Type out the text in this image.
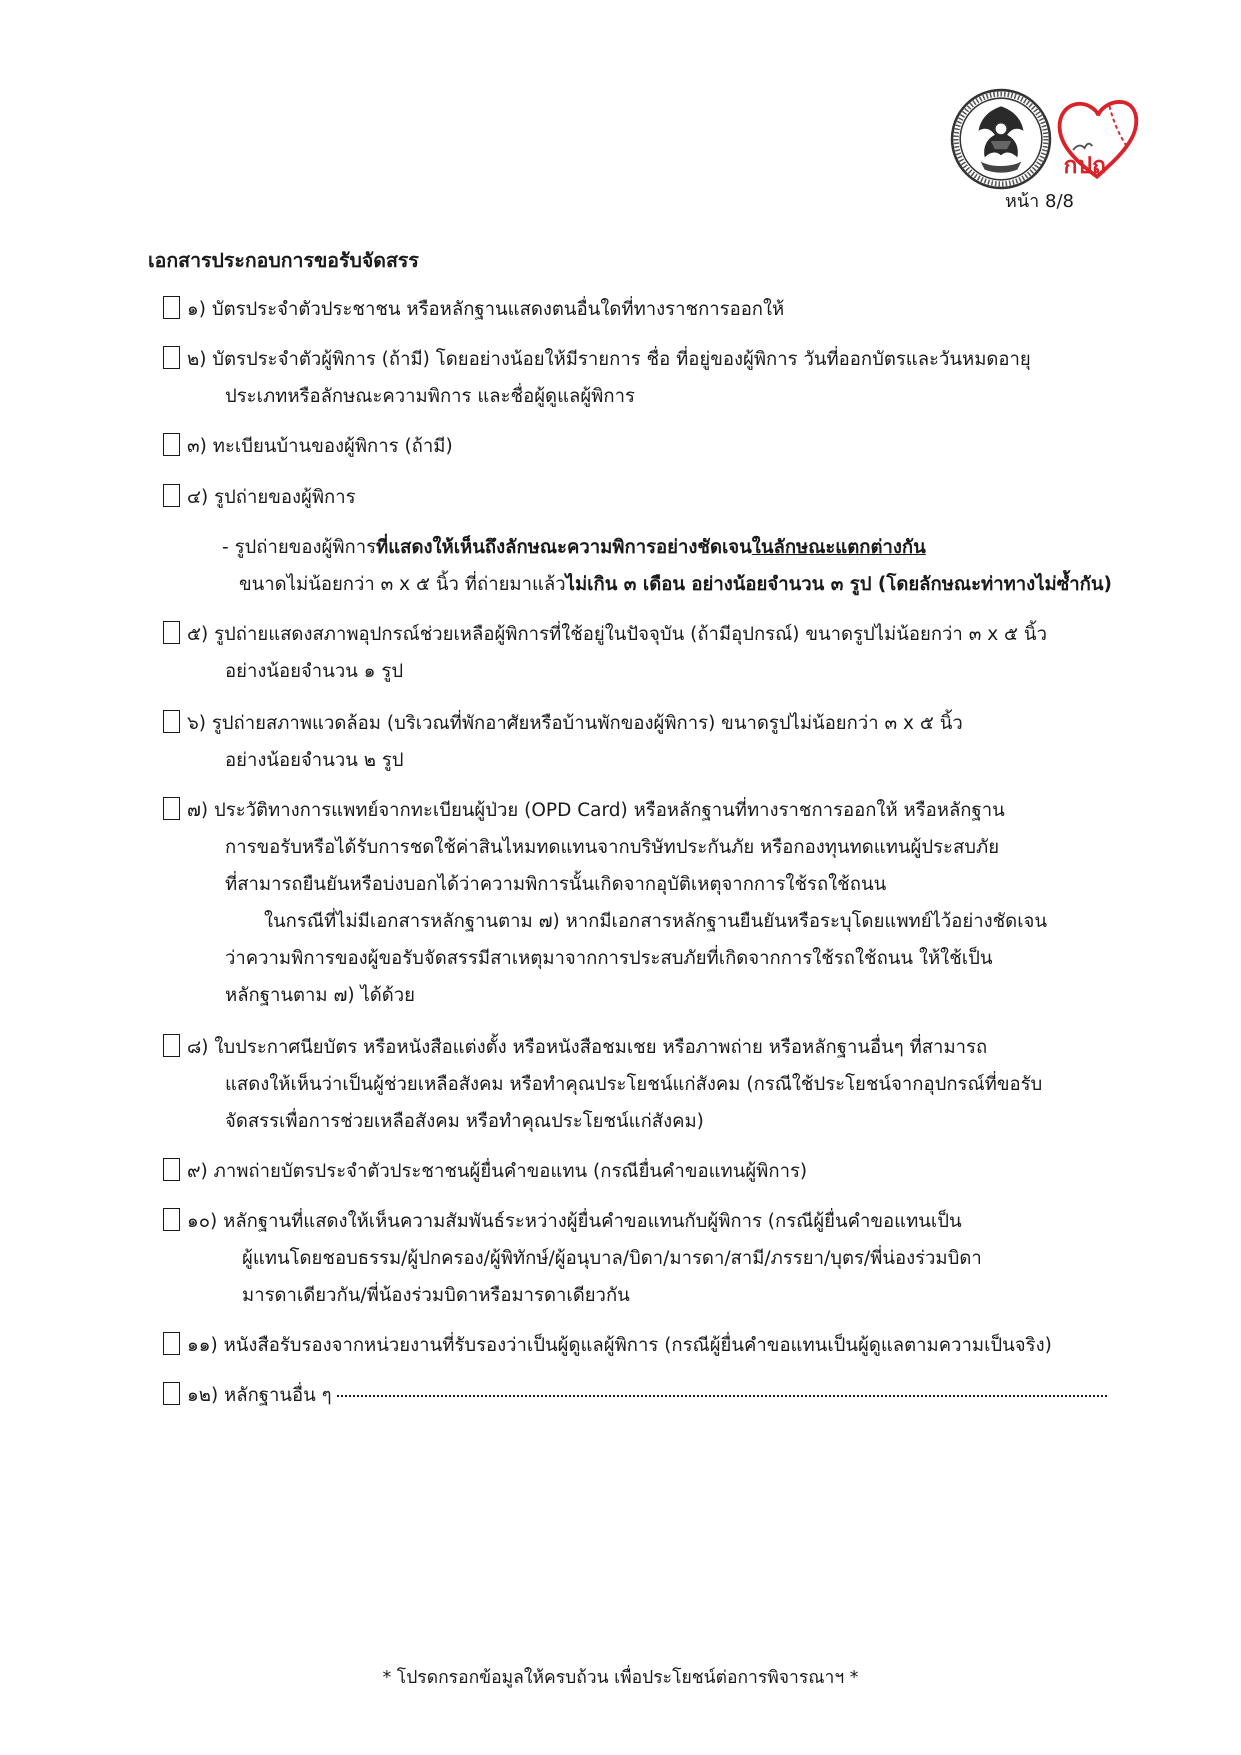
กปถ
หน้า 8/8
เอกสารประกอบการขอรับจัดสรร
๑) บัตรประจำตัวประชาชน หรือหลักฐานแสดงตนอื่นใดที่ทางราชการออกให้
๒) บัตรประจำตัวผู้พิการ (ถ้ามี) โดยอย่างน้อยให้มีรายการ ชื่อ ที่อยู่ของผู้พิการ วันที่ออกบัตรและวันหมดอายุ
ประเภทหรือลักษณะความพิการ และชื่อผู้ดูแลผู้พิการ
๓) ทะเบียนบ้านของผู้พิการ (ถ้ามี)
๔) รูปถ่ายของผู้พิการ
- รูปถ่ายของผู้พิการที่แสดงให้เห็นถึงลักษณะความพิการอย่างชัดเจนในลักษณะแตกต่างกัน
ขนาดไม่น้อยกว่า ๓ x ๕ นิ้ว ที่ถ่ายมาแล้วไม่เกิน ๓ เดือน อย่างน้อยจำนวน ๓ รูป (โดยลักษณะท่าทางไม่ซ้ำกัน)
๕) รูปถ่ายแสดงสภาพอุปกรณ์ช่วยเหลือผู้พิการที่ใช้อยู่ในปัจจุบัน (ถ้ามีอุปกรณ์) ขนาดรูปไม่น้อยกว่า ๓ x ๕ นิ้ว
อย่างน้อยจำนวน ๑ รูป
๖) รูปถ่ายสภาพแวดล้อม (บริเวณที่พักอาศัยหรือบ้านพักของผู้พิการ) ขนาดรูปไม่น้อยกว่า ๓ x ๕ นิ้ว
อย่างน้อยจำนวน ๒ รูป
๗) ประวัติทางการแพทย์จากทะเบียนผู้ป่วย (OPD Card) หรือหลักฐานที่ทางราชการออกให้ หรือหลักฐาน
การขอรับหรือได้รับการชดใช้ค่าสินไหมทดแทนจากบริษัทประกันภัย หรือกองทุนทดแทนผู้ประสบภัย
ที่สามารถยืนยันหรือบ่งบอกได้ว่าความพิการนั้นเกิดจากอุบัติเหตุจากการใช้รถใช้ถนน
ในกรณีที่ไม่มีเอกสารหลักฐานตาม ๗) หากมีเอกสารหลักฐานยืนยันหรือระบุโดยแพทย์ไว้อย่างชัดเจน
ว่าความพิการของผู้ขอรับจัดสรรมีสาเหตุมาจากการประสบภัยที่เกิดจากการใช้รถใช้ถนน ให้ใช้เป็น
หลักฐานตาม ๗) ได้ด้วย
๘) ใบประกาศนียบัตร หรือหนังสือแต่งตั้ง หรือหนังสือชมเชย หรือภาพถ่าย หรือหลักฐานอื่นๆ ที่สามารถ
แสดงให้เห็นว่าเป็นผู้ช่วยเหลือสังคม หรือทำคุณประโยชน์แก่สังคม (กรณีใช้ประโยชน์จากอุปกรณ์ที่ขอรับ
จัดสรรเพื่อการช่วยเหลือสังคม หรือทำคุณประโยชน์แก่สังคม)
๙) ภาพถ่ายบัตรประจำตัวประชาชนผู้ยื่นคำขอแทน (กรณียื่นคำขอแทนผู้พิการ)
๑๐) หลักฐานที่แสดงให้เห็นความสัมพันธ์ระหว่างผู้ยื่นคำขอแทนกับผู้พิการ (กรณีผู้ยื่นคำขอแทนเป็น
ผู้แทนโดยชอบธรรม/ผู้ปกครอง/ผู้พิทักษ์/ผู้อนุบาล/บิดา/มารดา/สามี/ภรรยา/บุตร/พี่น่องร่วมบิดา
มารดาเดียวกัน/พี่น้องร่วมบิดาหรือมารดาเดียวกัน
๑๑) หนังสือรับรองจากหน่วยงานที่รับรองว่าเป็นผู้ดูแลผู้พิการ (กรณีผู้ยื่นคำขอแทนเป็นผู้ดูแลตามความเป็นจริง)
๑๒) หลักฐานอื่น ๆ
* โปรดกรอกข้อมูลให้ครบถ้วน เพื่อประโยชน์ต่อการพิจารณาฯ *
